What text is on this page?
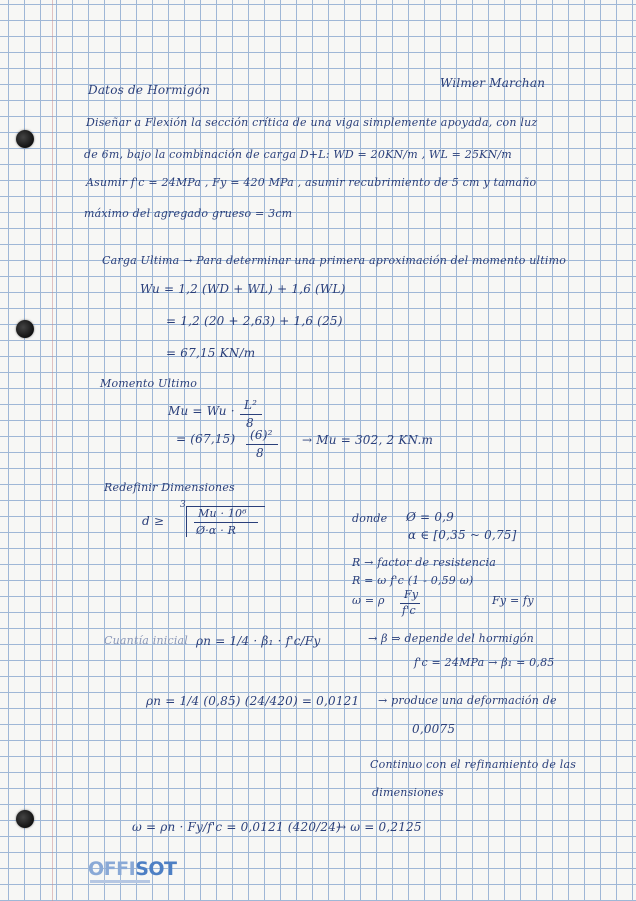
Datos de Hormigón	Wilmer Marchan
Diseñar a Flexión la sección crítica de una viga simplemente apoyada, con luz
de 6m, bajo la combinación de carga D+L: WD = 20KN/m , WL = 25KN/m
Asumir f'c = 24MPa , Fy = 420 MPa , asumir recubrimiento de 5 cm y tamaño
máximo del agregado grueso = 3cm
Carga Ultima → Para determinar una primera aproximación del momento ultimo
Wu = 1,2 (WD + WL) + 1,6 (WL)
= 1,2 (20 + 2,63) + 1,6 (25)
= 67,15 KN/m
Momento Ultimo
Mu = Wu · L²
8
= (67,15) (6)²
8
→ Mu = 302, 2 KN.m
Redefinir Dimensiones
d ≥
3
Mu · 10⁶
Ø·α · R
donde Ø = 0,9
α ∈ [0,35 ~ 0,75]
R → factor de resistencia
R = ω f'c (1 - 0,59 ω)
ω = ρ Fy
f'c
Fy = fy
Cuantía inicial ρn = 1/4 · β₁ · f'c/Fy	→ β ⇒ depende del hormigón
f'c = 24MPa → β₁ = 0,85
ρn = 1/4 (0,85) (24/420) = 0,0121 → produce una deformación de
0,0075
Continuo con el refinamiento de las
dimensiones
ω = ρn · Fy/f'c = 0,0121 (420/24)
→ ω = 0,2125
OFFISOT
